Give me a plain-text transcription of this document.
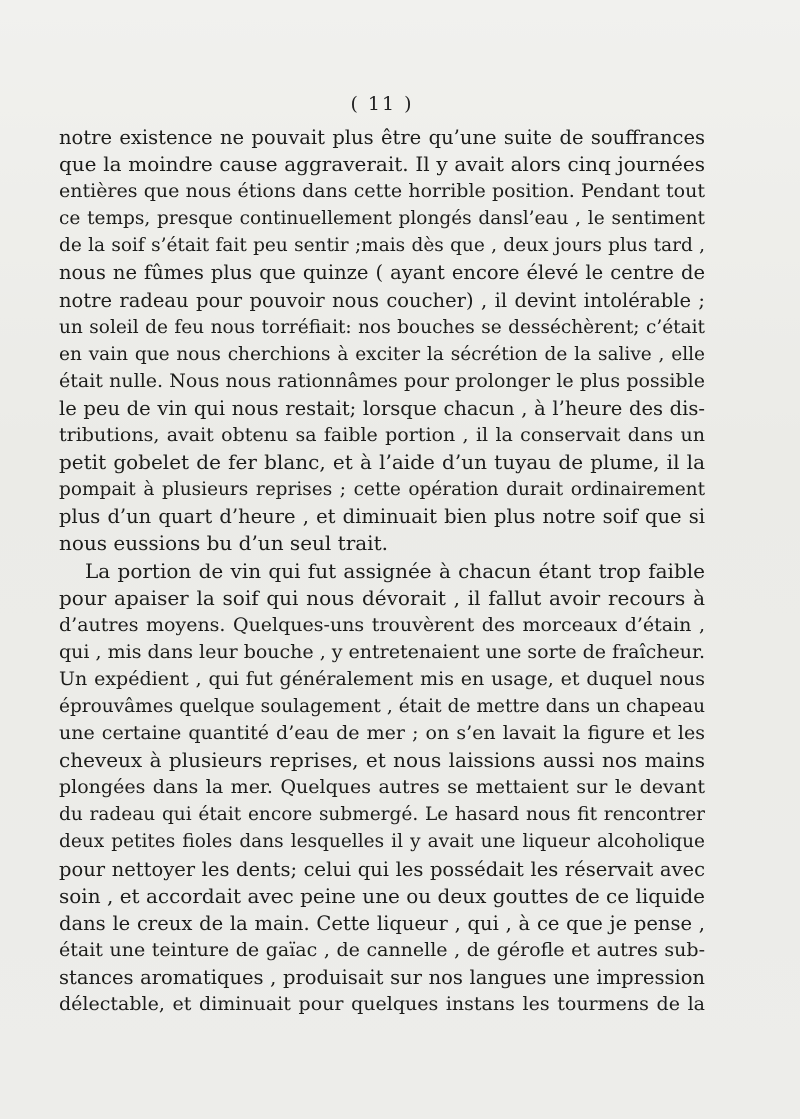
( 11 )
notre existence ne pouvait plus être qu’une suite de souffrances
que la moindre cause aggraverait. Il y avait alors cinq journées
entières que nous étions dans cette horrible position. Pendant tout
ce temps, presque continuellement plongés dansl’eau , le sentiment
de la soif s’était fait peu sentir ;mais dès que , deux jours plus tard ,
nous ne fûmes plus que quinze ( ayant encore élevé le centre de
notre radeau pour pouvoir nous coucher) , il devint intolérable ;
un soleil de feu nous torréfiait: nos bouches se desséchèrent; c’était
en vain que nous cherchions à exciter la sécrétion de la salive , elle
était nulle. Nous nous rationnâmes pour prolonger le plus possible
le peu de vin qui nous restait; lorsque chacun , à l’heure des dis-
tributions, avait obtenu sa faible portion , il la conservait dans un
petit gobelet de fer blanc, et à l’aide d’un tuyau de plume, il la
pompait à plusieurs reprises ; cette opération durait ordinairement
plus d’un quart d’heure , et diminuait bien plus notre soif que si
nous eussions bu d’un seul trait.
La portion de vin qui fut assignée à chacun étant trop faible
pour apaiser la soif qui nous dévorait , il fallut avoir recours à
d’autres moyens. Quelques-uns trouvèrent des morceaux d’étain ,
qui , mis dans leur bouche , y entretenaient une sorte de fraîcheur.
Un expédient , qui fut généralement mis en usage, et duquel nous
éprouvâmes quelque soulagement , était de mettre dans un chapeau
une certaine quantité d’eau de mer ; on s’en lavait la figure et les
cheveux à plusieurs reprises, et nous laissions aussi nos mains
plongées dans la mer. Quelques autres se mettaient sur le devant
du radeau qui était encore submergé. Le hasard nous fit rencontrer
deux petites fioles dans lesquelles il y avait une liqueur alcoholique
pour nettoyer les dents; celui qui les possédait les réservait avec
soin , et accordait avec peine une ou deux gouttes de ce liquide
dans le creux de la main. Cette liqueur , qui , à ce que je pense ,
était une teinture de gaïac , de cannelle , de gérofle et autres sub-
stances aromatiques , produisait sur nos langues une impression
délectable, et diminuait pour quelques instans les tourmens de la
